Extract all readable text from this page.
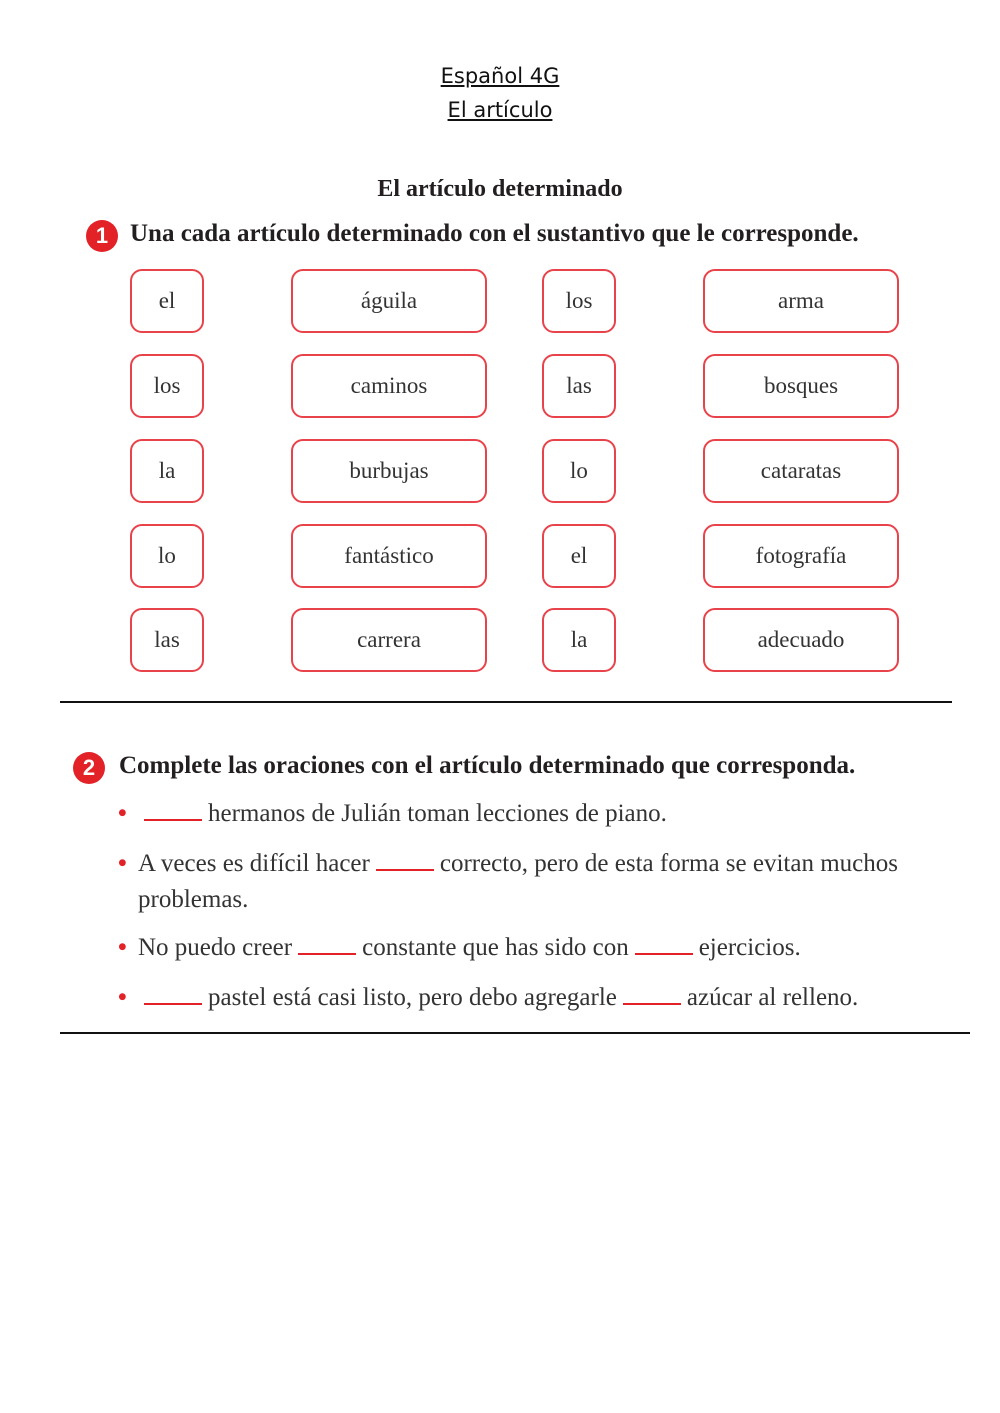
Español 4G
El artículo
El artículo determinado
1 Una cada artículo determinado con el sustantivo que le corresponde.
el	águila	los	arma
los	caminos	las	bosques
la	burbujas	lo	cataratas
lo	fantástico	el	fotografía
las	carrera	la	adecuado
2 Complete las oraciones con el artículo determinado que corresponda.
•	hermanos de Julián toman lecciones de piano.
• A veces es difícil hacer	correcto, pero de esta forma se evitan muchos
problemas.
• No puedo creer	constante que has sido con	ejercicios.
•	pastel está casi listo, pero debo agregarle	azúcar al relleno.
